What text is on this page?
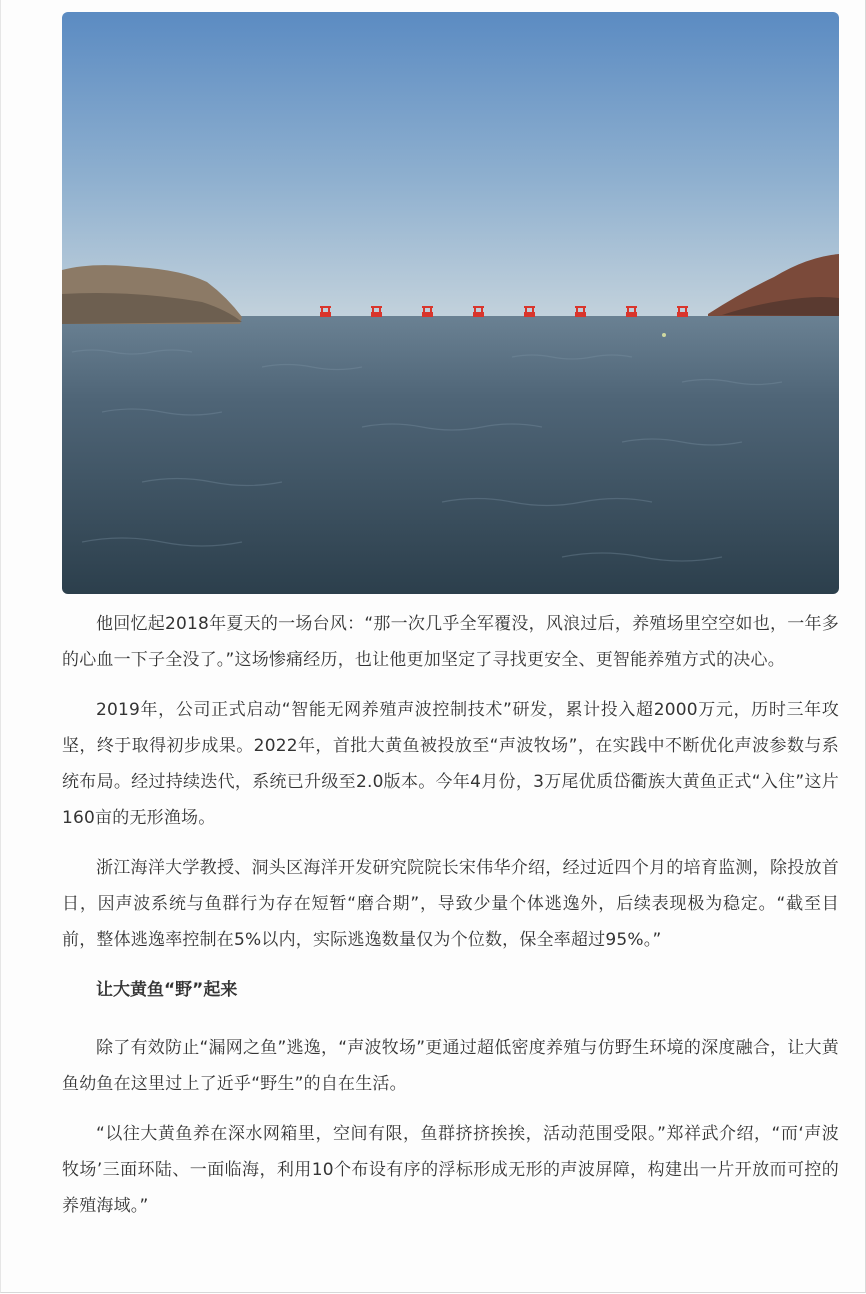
他回忆起2018年夏天的一场台风：“那一次几乎全军覆没，风浪过后，养殖场里空空如也，一年多的心血一下子全没了。”这场惨痛经历，也让他更加坚定了寻找更安全、更智能养殖方式的决心。

2019年，公司正式启动“智能无网养殖声波控制技术”研发，累计投入超2000万元，历时三年攻坚，终于取得初步成果。2022年，首批大黄鱼被投放至“声波牧场”，在实践中不断优化声波参数与系统布局。经过持续迭代，系统已升级至2.0版本。今年4月份，3万尾优质岱衢族大黄鱼正式“入住”这片160亩的无形渔场。

浙江海洋大学教授、洞头区海洋开发研究院院长宋伟华介绍，经过近四个月的培育监测，除投放首日，因声波系统与鱼群行为存在短暂“磨合期”，导致少量个体逃逸外，后续表现极为稳定。“截至目前，整体逃逸率控制在5%以内，实际逃逸数量仅为个位数，保全率超过95%。”

让大黄鱼“野”起来

除了有效防止“漏网之鱼”逃逸，“声波牧场”更通过超低密度养殖与仿野生环境的深度融合，让大黄鱼幼鱼在这里过上了近乎“野生”的自在生活。

“以往大黄鱼养在深水网箱里，空间有限，鱼群挤挤挨挨，活动范围受限。”郑祥武介绍，“而‘声波牧场’三面环陆、一面临海，利用10个布设有序的浮标形成无形的声波屏障，构建出一片开放而可控的养殖海域。”
